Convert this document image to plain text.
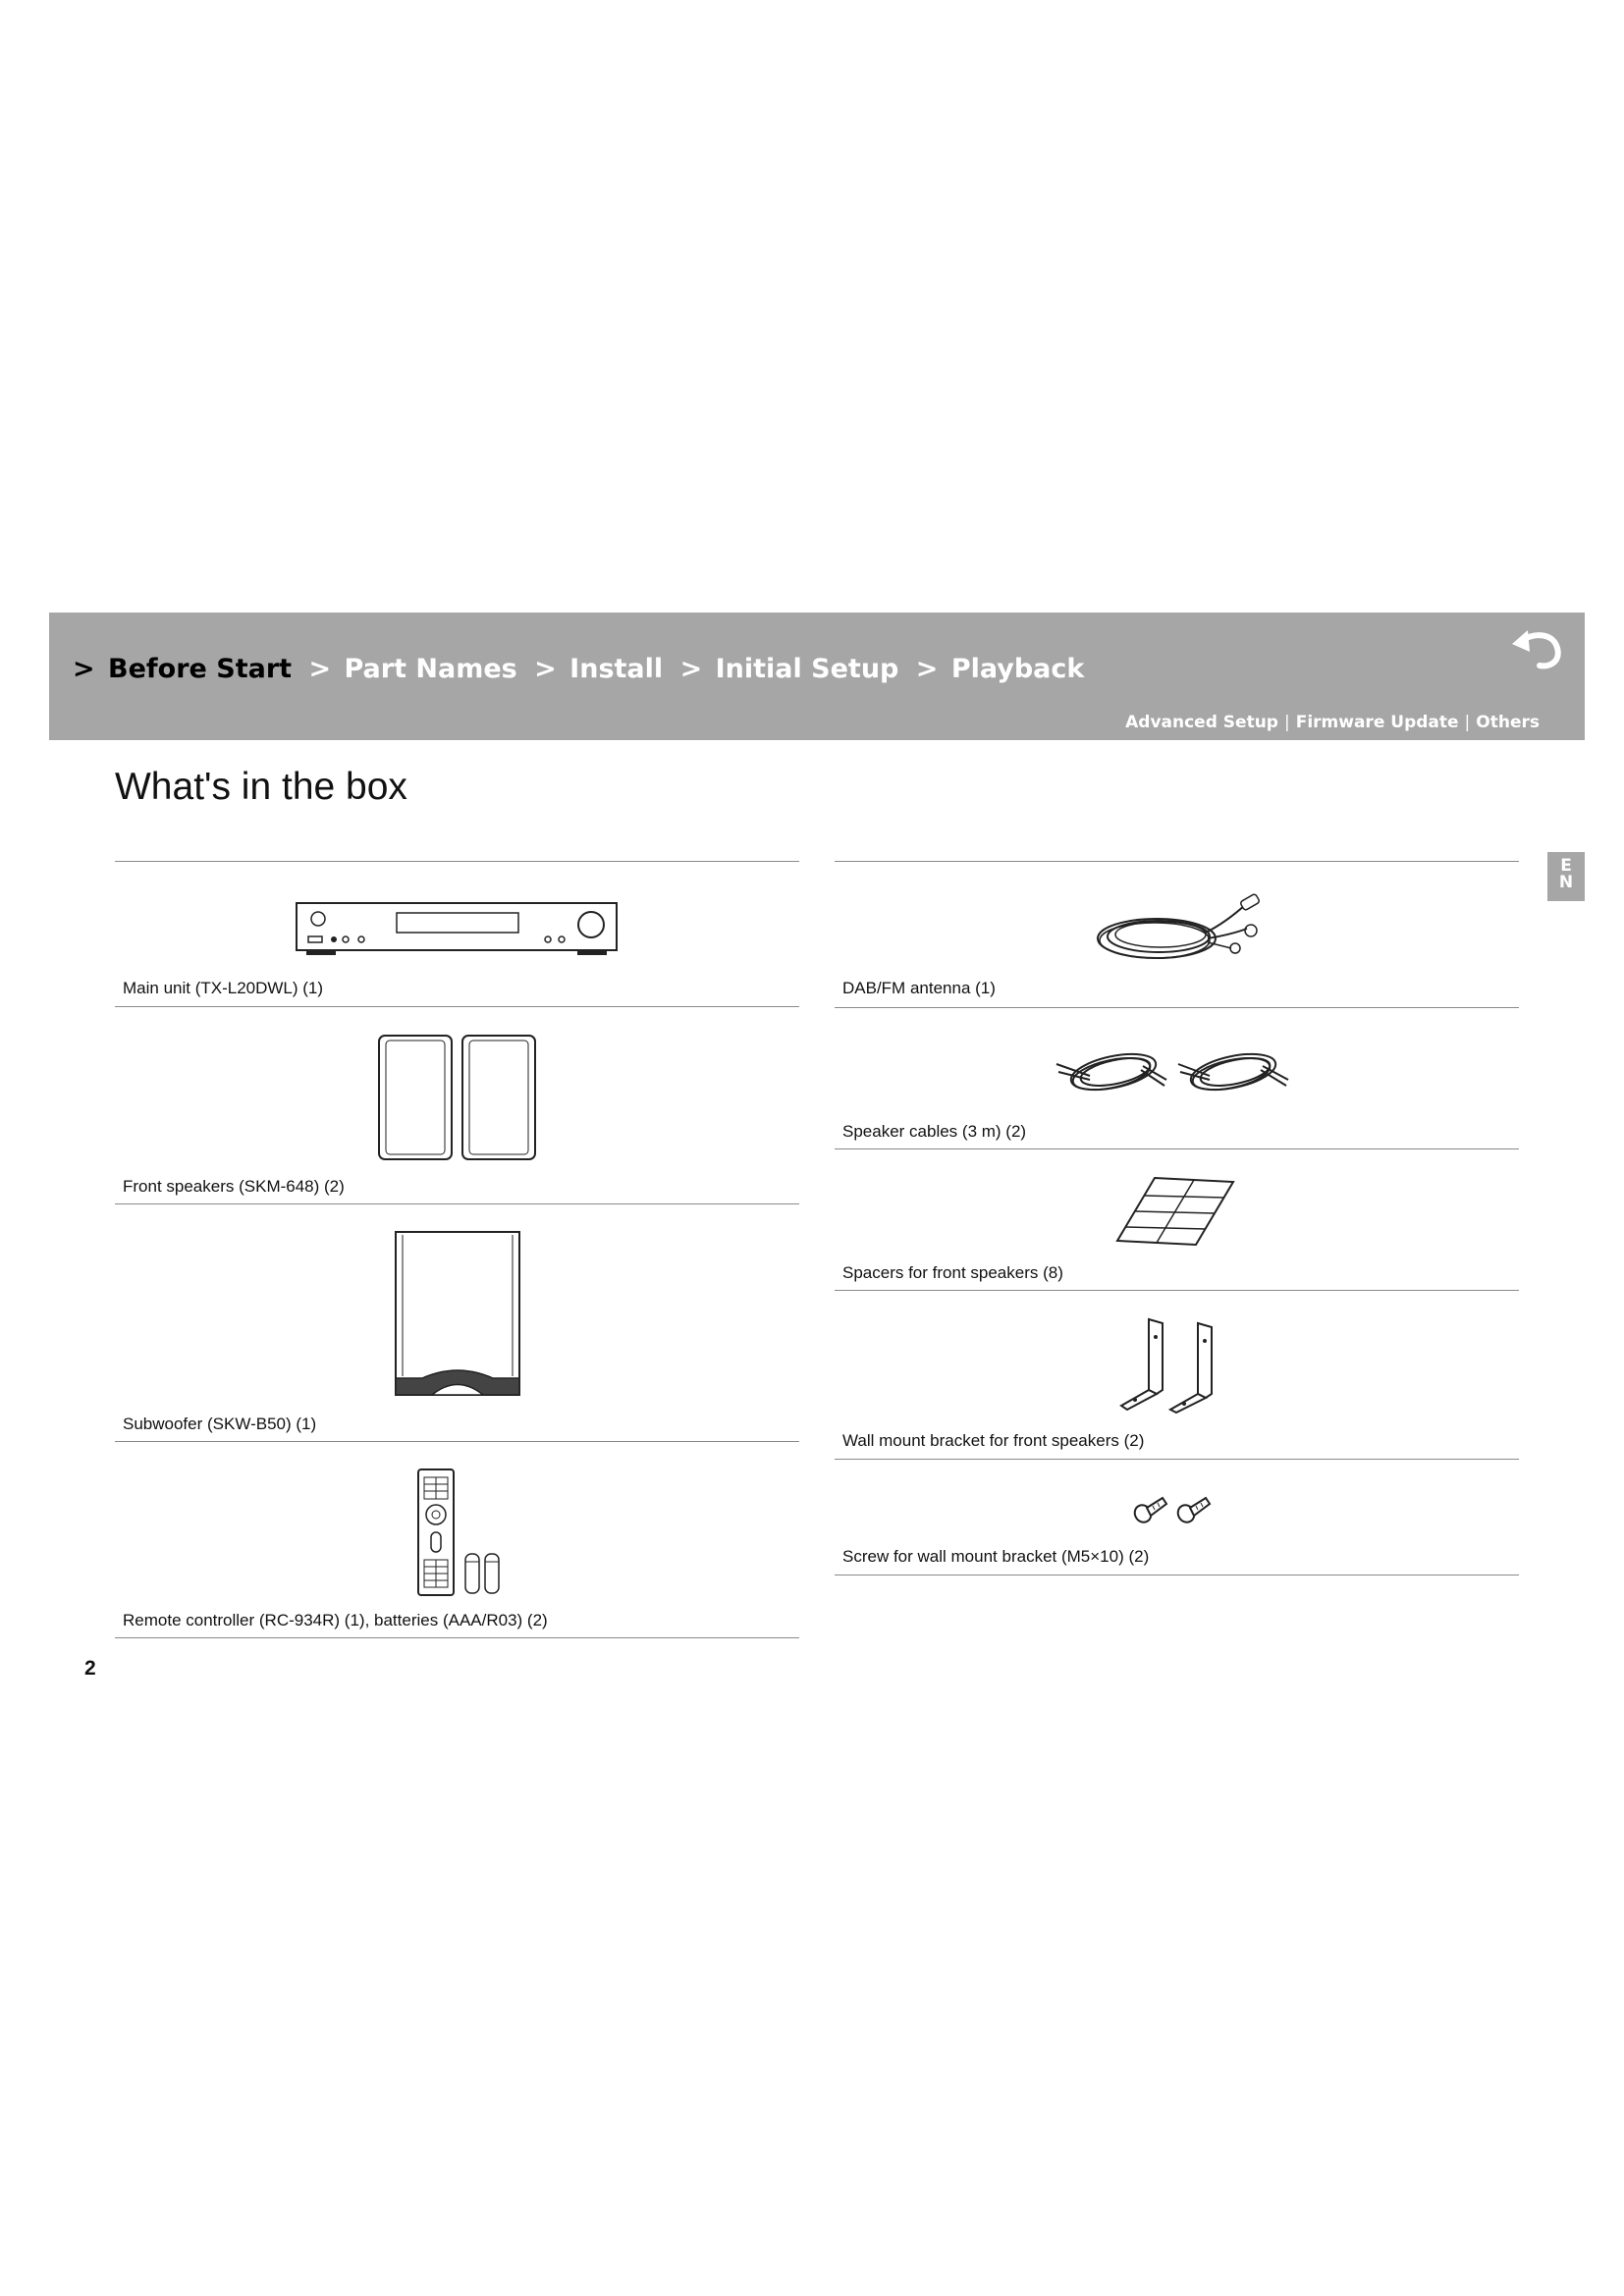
> Before Start > Part Names > Install > Initial Setup > Playback
Advanced Setup | Firmware Update | Others
E
N
What's in the box
Main unit (TX-L20DWL) (1)
Front speakers (SKM-648) (2)
Subwoofer (SKW-B50) (1)
Remote controller (RC-934R) (1), batteries (AAA/R03) (2)
DAB/FM antenna (1)
Speaker cables (3 m) (2)
Spacers for front speakers (8)
Wall mount bracket for front speakers (2)
Screw for wall mount bracket (M5×10) (2)
2
